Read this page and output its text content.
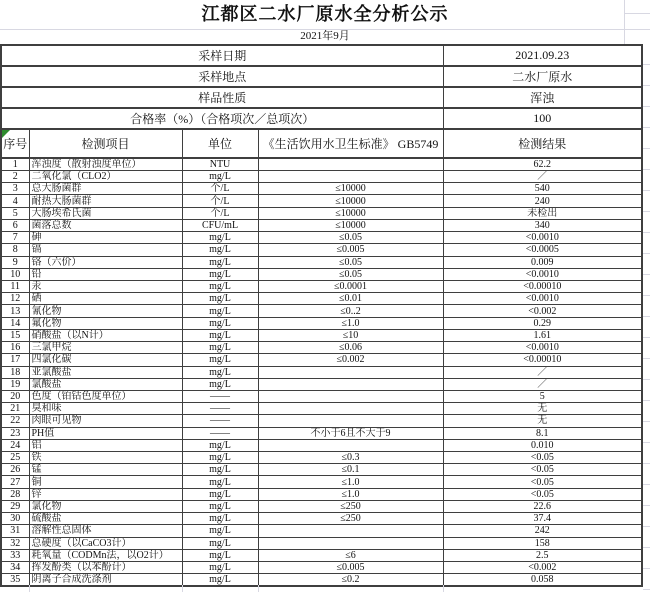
江都区二水厂原水全分析公示
2021年9月
采样日期				2021.09.23
采样地点				二水厂原水
样品性质				浑浊
合格率（%）（合格项次／总项次）				100
序号	检测项目	单位	《生活饮用水卫生标准》 GB5749	检测结果
1	浑浊度（散射浊度单位）	NTU		62.2
2	二氧化氯（CLO2）	mg/L		／
3	总大肠菌群	个/L	≤10000	540
4	耐热大肠菌群	个/L	≤10000	240
5	大肠埃希氏菌	个/L	≤10000	未检出
6	菌落总数	CFU/mL	≤10000	340
7	砷	mg/L	≤0.05	<0.0010
8	镉	mg/L	≤0.005	<0.0005
9	铬（六价）	mg/L	≤0.05	0.009
10	铅	mg/L	≤0.05	<0.0010
11	汞	mg/L	≤0.0001	<0.00010
12	硒	mg/L	≤0.01	<0.0010
13	氰化物	mg/L	≤0..2	<0.002
14	氟化物	mg/L	≤1.0	0.29
15	硝酸盐（以N计）	mg/L	≤10	1.61
16	三氯甲烷	mg/L	≤0.06	<0.0010
17	四氯化碳	mg/L	≤0.002	<0.00010
18	亚氯酸盐	mg/L		／
19	氯酸盐	mg/L		／
20	色度（铂钴色度单位）	——		5
21	臭和味	——		无
22	肉眼可见物	——		无
23	PH值	——	不小于6且不大于9	8.1
24	铝	mg/L		0.010
25	铁	mg/L	≤0.3	<0.05
26	锰	mg/L	≤0.1	<0.05
27	铜	mg/L	≤1.0	<0.05
28	锌	mg/L	≤1.0	<0.05
29	氯化物	mg/L	≤250	22.6
30	硫酸盐	mg/L	≤250	37.4
31	溶解性总固体	mg/L		242
32	总硬度（以CaCO3计）	mg/L		158
33	耗氧量（CODMn法，以O2计）	mg/L	≤6	2.5
34	挥发酚类（以苯酚计）	mg/L	≤0.005	<0.002
35	阴离子合成洗涤剂	mg/L	≤0.2	0.058
